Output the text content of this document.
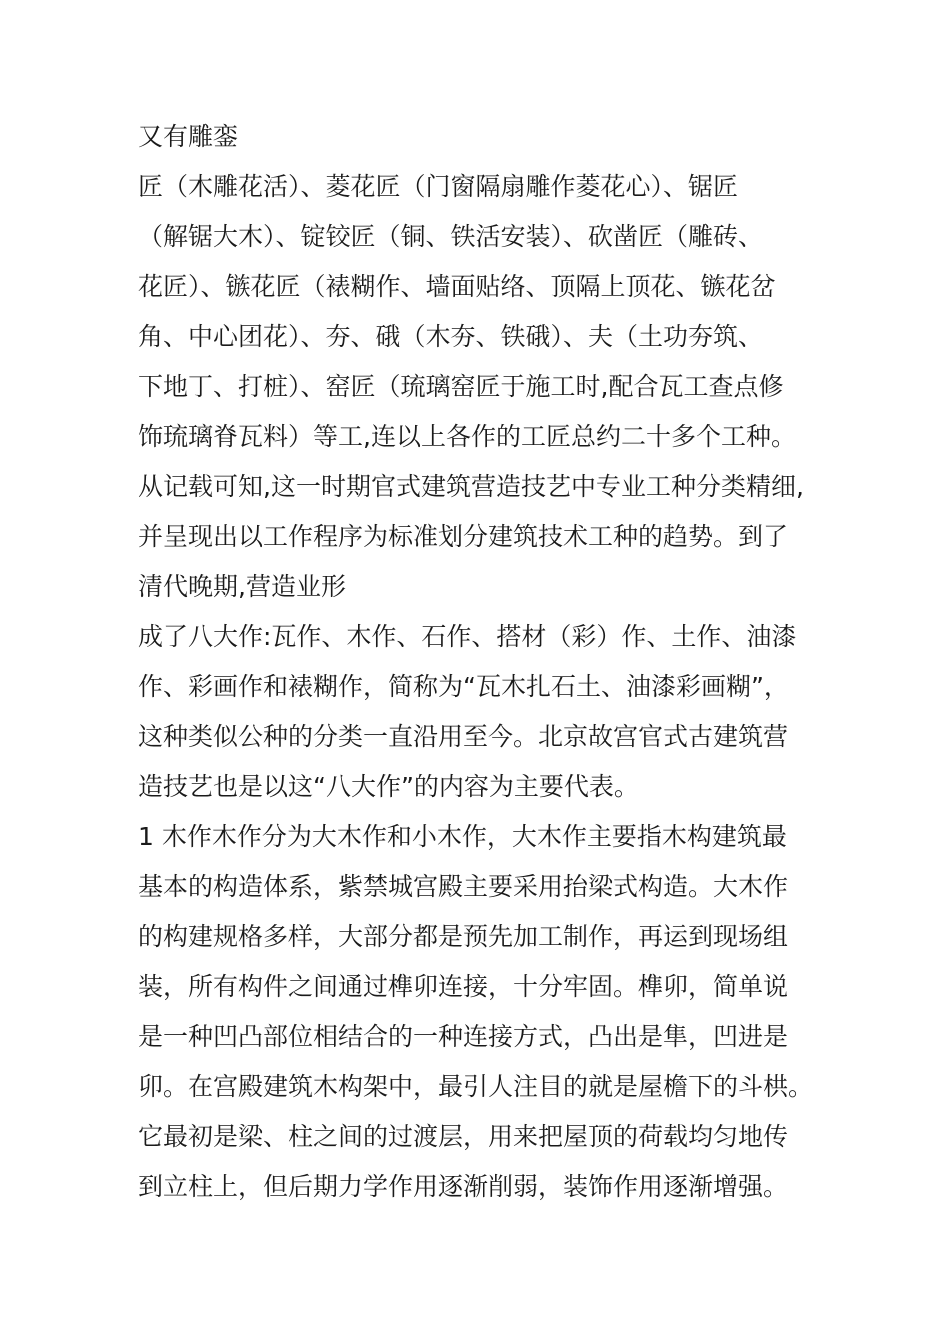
又有雕銮
匠（木雕花活）、菱花匠（门窗隔扇雕作菱花心）、锯匠
（解锯大木）、锭铰匠（铜、铁活安装）、砍凿匠（雕砖、
花匠）、镞花匠（裱糊作、墙面贴络、顶隔上顶花、镞花岔
角、中心团花）、夯、硪（木夯、铁硪）、夫（土功夯筑、
下地丁、打桩）、窑匠（琉璃窑匠于施工时,配合瓦工查点修
饰琉璃脊瓦料）等工,连以上各作的工匠总约二十多个工种。
从记载可知,这一时期官式建筑营造技艺中专业工种分类精细,
并呈现出以工作程序为标准划分建筑技术工种的趋势。到了
清代晚期,营造业形
成了八大作:瓦作、木作、石作、搭材（彩）作、土作、油漆
作、彩画作和裱糊作，简称为“瓦木扎石土、油漆彩画糊”，
这种类似公种的分类一直沿用至今。北京故宫官式古建筑营
造技艺也是以这“八大作”的内容为主要代表。
1 木作木作分为大木作和小木作，大木作主要指木构建筑最
基本的构造体系，紫禁城宫殿主要采用抬梁式构造。大木作
的构建规格多样，大部分都是预先加工制作，再运到现场组
装，所有构件之间通过榫卯连接，十分牢固。榫卯，简单说
是一种凹凸部位相结合的一种连接方式，凸出是隼，凹进是
卯。在宫殿建筑木构架中，最引人注目的就是屋檐下的斗栱。
它最初是梁、柱之间的过渡层，用来把屋顶的荷载均匀地传
到立柱上，但后期力学作用逐渐削弱，装饰作用逐渐增强。
